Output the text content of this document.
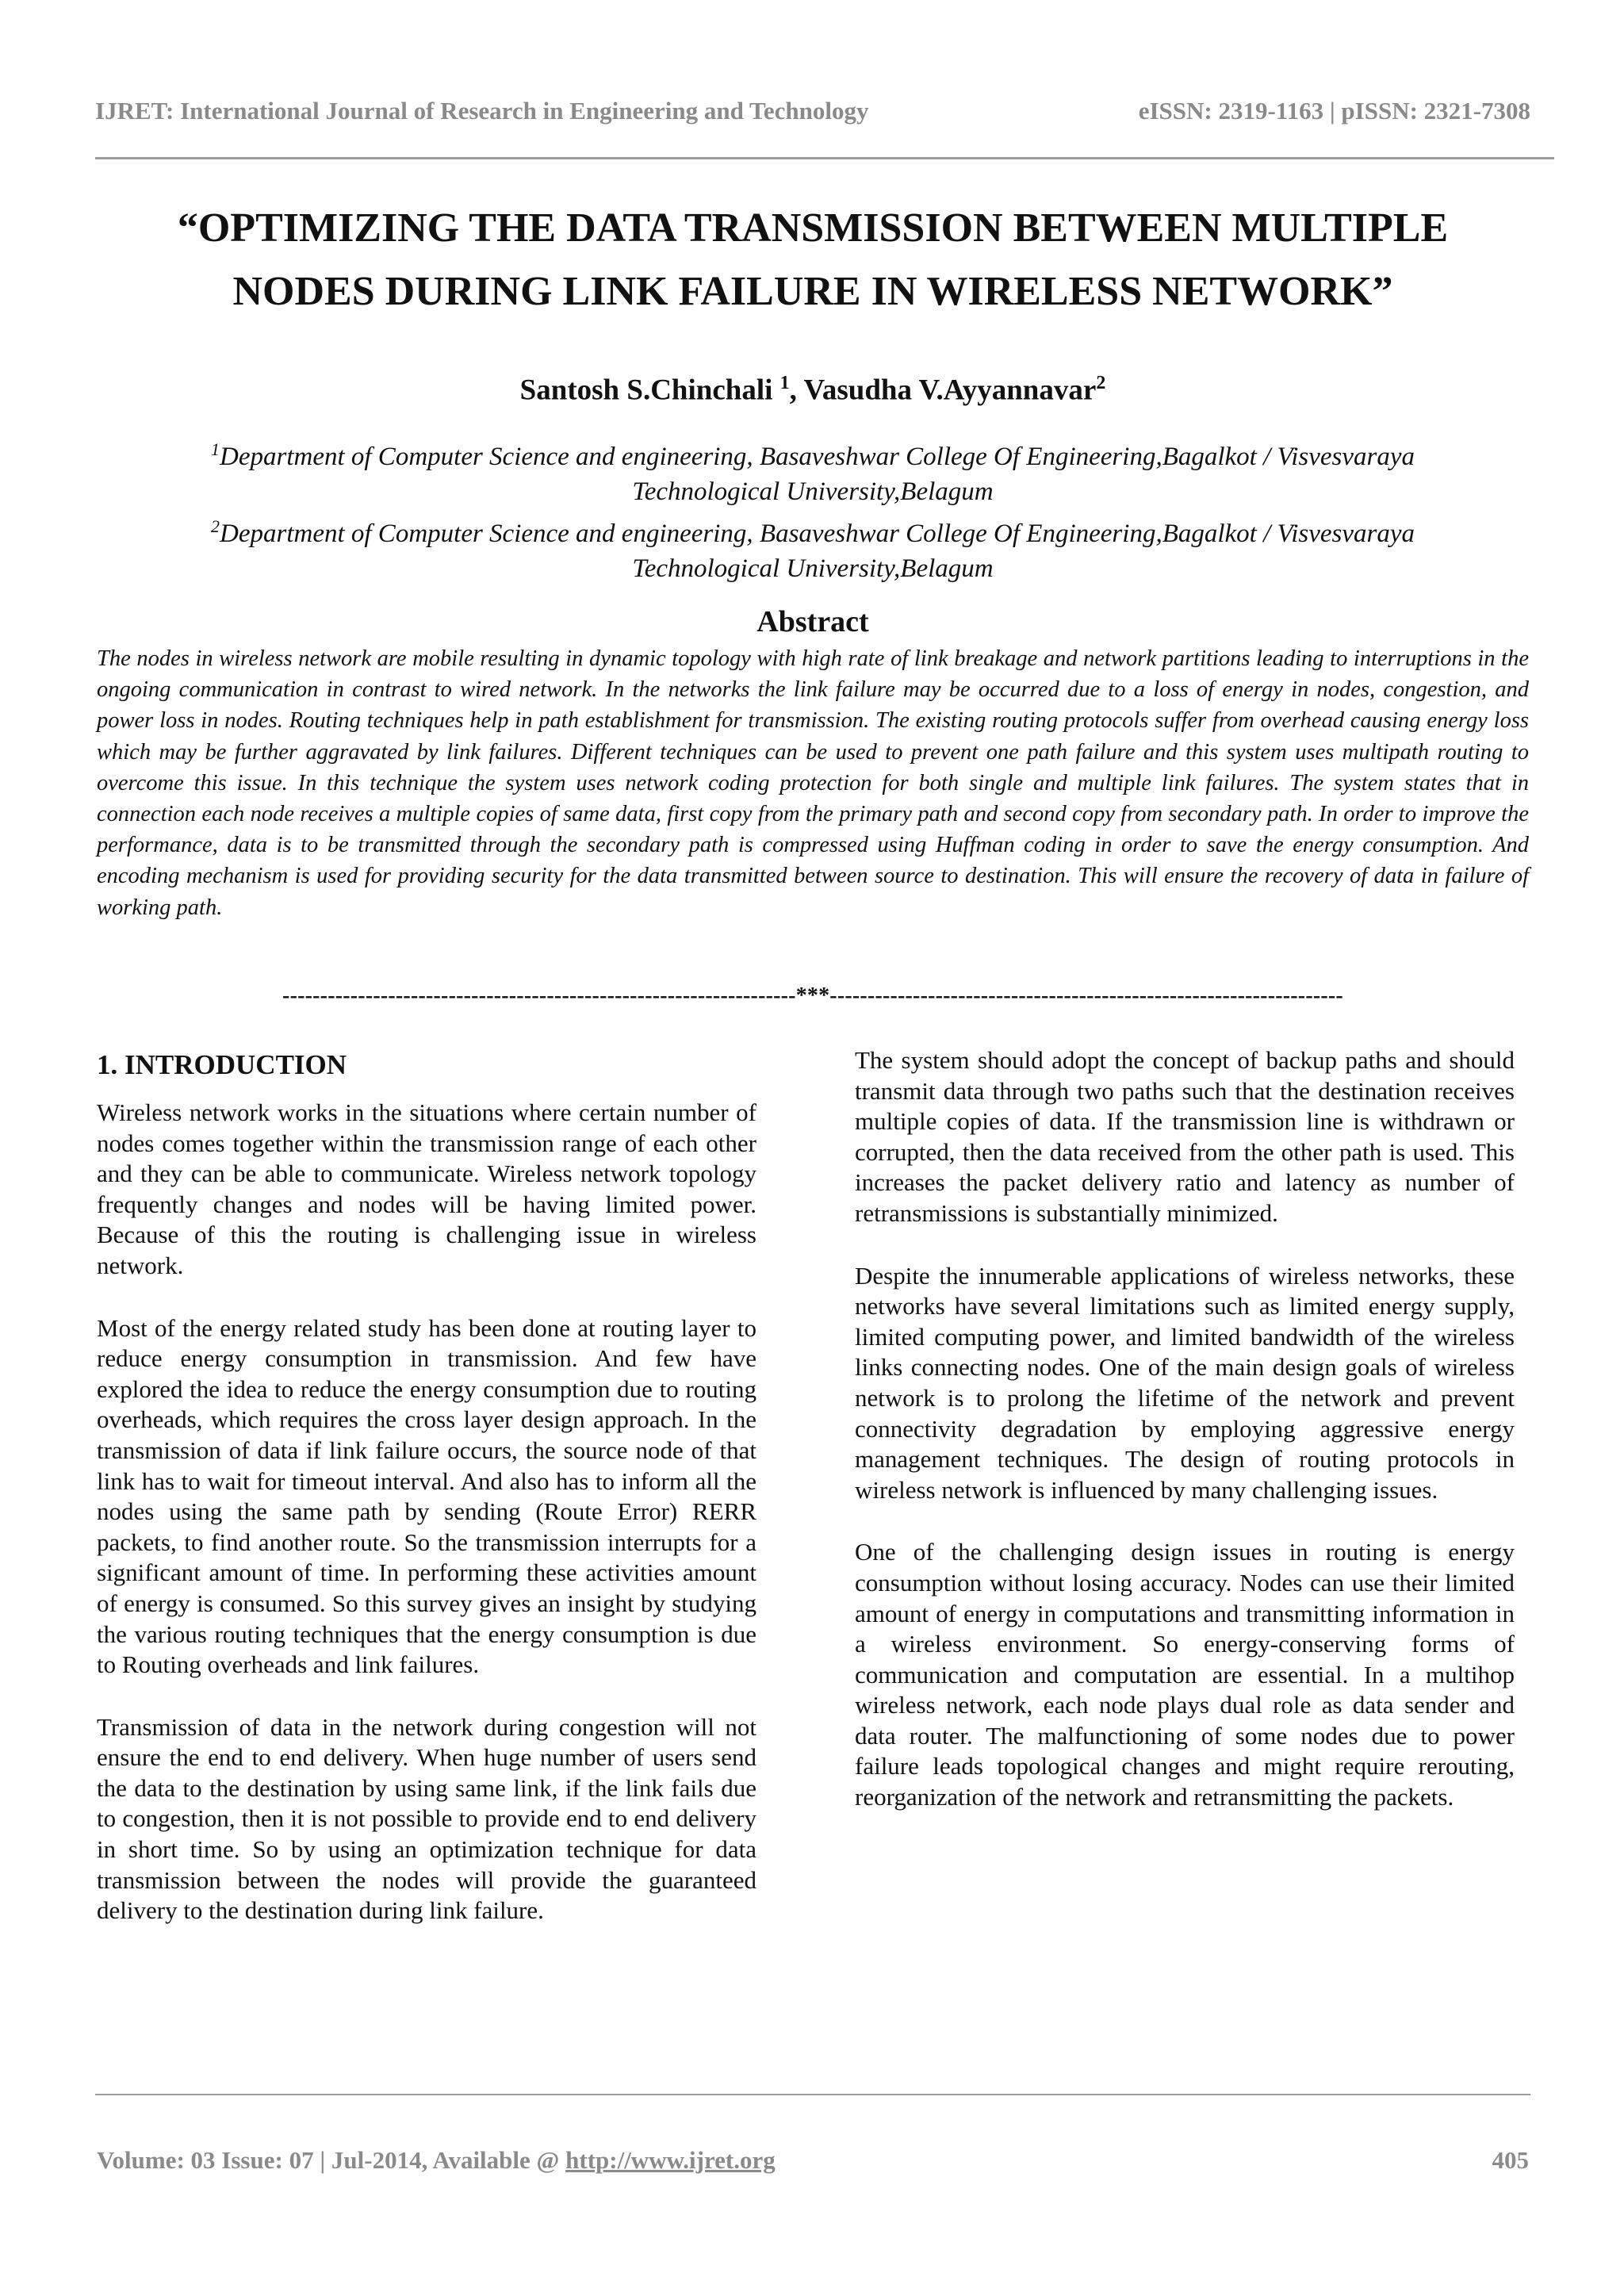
IJRET: International Journal of Research in Engineering and Technology	eISSN: 2319-1163 | pISSN: 2321-7308
“OPTIMIZING THE DATA TRANSMISSION BETWEEN MULTIPLE
NODES DURING LINK FAILURE IN WIRELESS NETWORK”
Santosh S.Chinchali $^1$, Vasudha V.Ayyannavar$^2$
$^1$Department of Computer Science and engineering, Basaveshwar College Of Engineering,Bagalkot / Visvesvaraya
Technological University,Belagum
$^2$Department of Computer Science and engineering, Basaveshwar College Of Engineering,Bagalkot / Visvesvaraya
Technological University,Belagum
Abstract

The nodes in wireless network are mobile resulting in dynamic topology with high rate of link breakage and network partitions leading to interruptions in the ongoing communication in contrast to wired network. In the networks the link failure may be occurred due to a loss of energy in nodes, congestion, and power loss in nodes. Routing techniques help in path establishment for transmission. The existing routing protocols suffer from overhead causing energy loss which may be further aggravated by link failures. Different techniques can be used to prevent one path failure and this system uses multipath routing to overcome this issue. In this technique the system uses network coding protection for both single and multiple link failures. The system states that in connection each node receives a multiple copies of same data, first copy from the primary path and second copy from secondary path. In order to improve the performance, data is to be transmitted through the secondary path is compressed using Huffman coding in order to save the energy consumption. And encoding mechanism is used for providing security for the data transmitted between source to destination. This will ensure the recovery of data in failure of working path.

--------------------------------------------------------------------***--------------------------------------------------------------------
1. INTRODUCTION

Wireless network works in the situations where certain number of nodes comes together within the transmission range of each other and they can be able to communicate. Wireless network topology frequently changes and nodes will be having limited power. Because of this the routing is challenging issue in wireless network.

Most of the energy related study has been done at routing layer to reduce energy consumption in transmission. And few have explored the idea to reduce the energy consumption due to routing overheads, which requires the cross layer design approach. In the transmission of data if link failure occurs, the source node of that link has to wait for timeout interval. And also has to inform all the nodes using the same path by sending (Route Error) RERR packets, to find another route. So the transmission interrupts for a significant amount of time. In performing these activities amount of energy is consumed. So this survey gives an insight by studying the various routing techniques that the energy consumption is due to Routing overheads and link failures.

Transmission of data in the network during congestion will not ensure the end to end delivery. When huge number of users send the data to the destination by using same link, if the link fails due to congestion, then it is not possible to provide end to end delivery in short time. So by using an optimization technique for data transmission between the nodes will provide the guaranteed delivery to the destination during link failure.

The system should adopt the concept of backup paths and should transmit data through two paths such that the destination receives multiple copies of data. If the transmission line is withdrawn or corrupted, then the data received from the other path is used. This increases the packet delivery ratio and latency as number of retransmissions is substantially minimized.

Despite the innumerable applications of wireless networks, these networks have several limitations such as limited energy supply, limited computing power, and limited bandwidth of the wireless links connecting nodes. One of the main design goals of wireless network is to prolong the lifetime of the network and prevent connectivity degradation by employing aggressive energy management techniques. The design of routing protocols in wireless network is influenced by many challenging issues.

One of the challenging design issues in routing is energy consumption without losing accuracy. Nodes can use their limited amount of energy in computations and transmitting information in a wireless environment. So energy-conserving forms of communication and computation are essential. In a multihop wireless network, each node plays dual role as data sender and data router. The malfunctioning of some nodes due to power failure leads topological changes and might require rerouting, reorganization of the network and retransmitting the packets.

Volume: 03 Issue: 07 | Jul-2014, Available @ http://www.ijret.org	405
